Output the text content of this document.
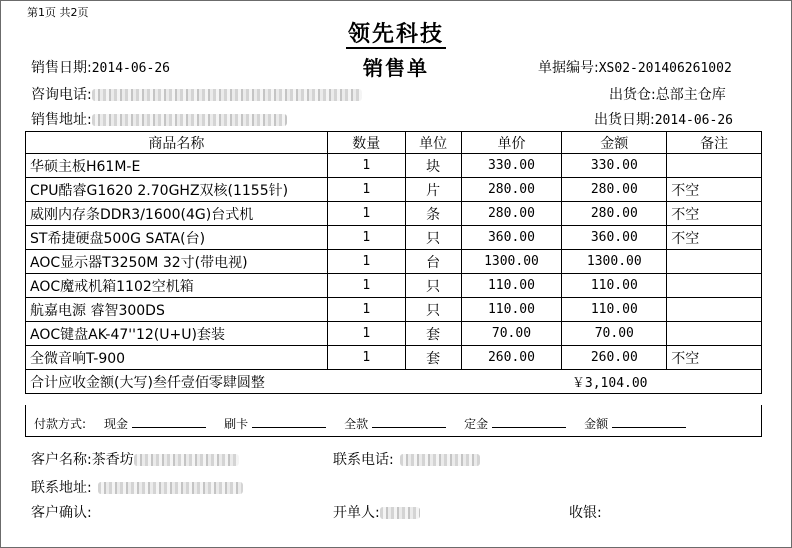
第1页 共2页
领先科技
销售单
销售日期:2014-06-26	单据编号:XS02-201406261002
咨询电话:	出货仓:总部主仓库
销售地址:	出货日期:2014-06-26
商品名称	数量	单位	单价	金额	备注
华硕主板H61M-E	1	块	330.00	330.00	
CPU酷睿G1620 2.70GHZ双核(1155针)	1	片	280.00	280.00	不空
威刚内存条DDR3/1600(4G)台式机	1	条	280.00	280.00	不空
ST希捷硬盘500G SATA(台)	1	只	360.00	360.00	不空
AOC显示器T3250M 32寸(带电视)	1	台	1300.00	1300.00	
AOC魔戒机箱1102空机箱	1	只	110.00	110.00	
航嘉电源 睿智300DS	1	只	110.00	110.00	
AOC键盘AK-47''12(U+U)套装	1	套	70.00	70.00	
全微音响T-900	1	套	260.00	260.00	不空
合计应收金额(大写)叁仟壹佰零肆圆整				￥3,104.00	
付款方式: 现金	刷卡	全款	定金	金额
客户名称:茶香坊	联系电话:
联系地址:
客户确认:	开单人:	收银:
